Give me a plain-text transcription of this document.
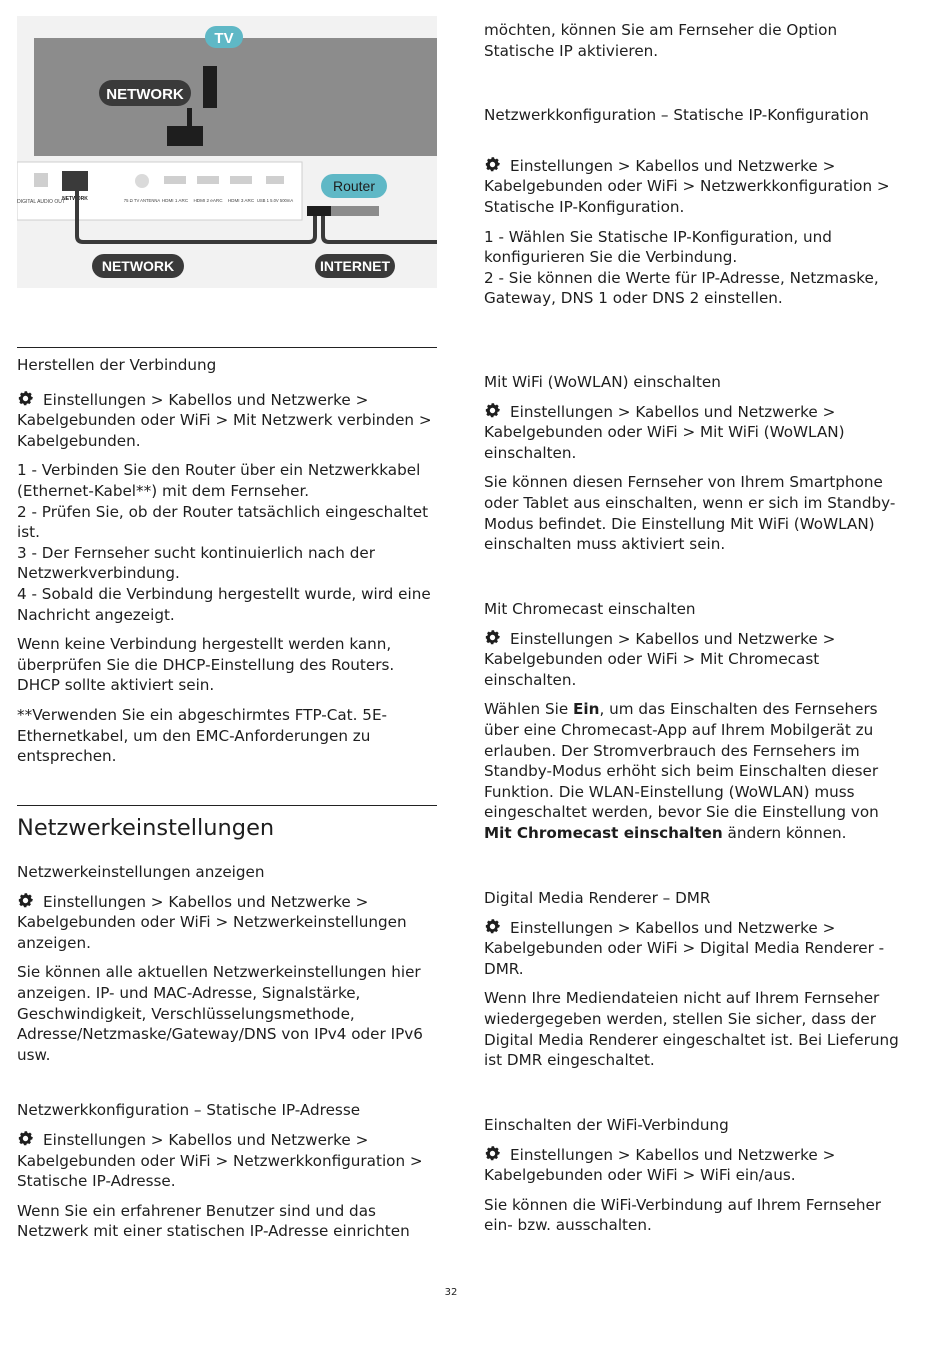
TV
NETWORK
DIGITAL AUDIO OUT
NETWORK	75 Ω TV ANTENNA HDMI 1 ARC HDMI 2 eARC HDMI 3 ARC USB 1 5.0V 500mA
Router
NETWORK	INTERNET

Herstellen der Verbindung

Einstellungen > Kabellos und Netzwerke > Kabelgebunden oder WiFi > Mit Netzwerk verbinden > Kabelgebunden.

1 - Verbinden Sie den Router über ein Netzwerkkabel (Ethernet-Kabel**) mit dem Fernseher.

2 - Prüfen Sie, ob der Router tatsächlich eingeschaltet ist.

3 - Der Fernseher sucht kontinuierlich nach der Netzwerkverbindung.

4 - Sobald die Verbindung hergestellt wurde, wird eine Nachricht angezeigt.

Wenn keine Verbindung hergestellt werden kann, überprüfen Sie die DHCP-Einstellung des Routers. DHCP sollte aktiviert sein.

**Verwenden Sie ein abgeschirmtes FTP-Cat. 5E-Ethernetkabel, um den EMC-Anforderungen zu entsprechen.

Netzwerkeinstellungen

Netzwerkeinstellungen anzeigen

Einstellungen > Kabellos und Netzwerke > Kabelgebunden oder WiFi > Netzwerkeinstellungen anzeigen.

Sie können alle aktuellen Netzwerkeinstellungen hier anzeigen. IP- und MAC-Adresse, Signalstärke, Geschwindigkeit, Verschlüsselungsmethode, Adresse/Netzmaske/Gateway/DNS von IPv4 oder IPv6 usw.

Netzwerkkonfiguration – Statische IP-Adresse

Einstellungen > Kabellos und Netzwerke > Kabelgebunden oder WiFi > Netzwerkkonfiguration > Statische IP-Adresse.

Wenn Sie ein erfahrener Benutzer sind und das Netzwerk mit einer statischen IP-Adresse einrichten

möchten, können Sie am Fernseher die Option Statische IP aktivieren.

Netzwerkkonfiguration – Statische IP-Konfiguration

Einstellungen > Kabellos und Netzwerke > Kabelgebunden oder WiFi > Netzwerkkonfiguration > Statische IP-Konfiguration.

1 - Wählen Sie Statische IP-Konfiguration, und konfigurieren Sie die Verbindung.

2 - Sie können die Werte für IP-Adresse, Netzmaske, Gateway, DNS 1 oder DNS 2 einstellen.

Mit WiFi (WoWLAN) einschalten

Einstellungen > Kabellos und Netzwerke > Kabelgebunden oder WiFi > Mit WiFi (WoWLAN) einschalten.

Sie können diesen Fernseher von Ihrem Smartphone oder Tablet aus einschalten, wenn er sich im Standby-Modus befindet. Die Einstellung Mit WiFi (WoWLAN) einschalten muss aktiviert sein.

Mit Chromecast einschalten

Einstellungen > Kabellos und Netzwerke > Kabelgebunden oder WiFi > Mit Chromecast einschalten.

Wählen Sie Ein, um das Einschalten des Fernsehers über eine Chromecast-App auf Ihrem Mobilgerät zu erlauben. Der Stromverbrauch des Fernsehers im Standby-Modus erhöht sich beim Einschalten dieser Funktion. Die WLAN-Einstellung (WoWLAN) muss eingeschaltet werden, bevor Sie die Einstellung von Mit Chromecast einschalten ändern können.

Digital Media Renderer – DMR

Einstellungen > Kabellos und Netzwerke > Kabelgebunden oder WiFi > Digital Media Renderer - DMR.

Wenn Ihre Mediendateien nicht auf Ihrem Fernseher wiedergegeben werden, stellen Sie sicher, dass der Digital Media Renderer eingeschaltet ist. Bei Lieferung ist DMR eingeschaltet.

Einschalten der WiFi-Verbindung

Einstellungen > Kabellos und Netzwerke > Kabelgebunden oder WiFi > WiFi ein/aus.

Sie können die WiFi-Verbindung auf Ihrem Fernseher ein- bzw. ausschalten.

32
